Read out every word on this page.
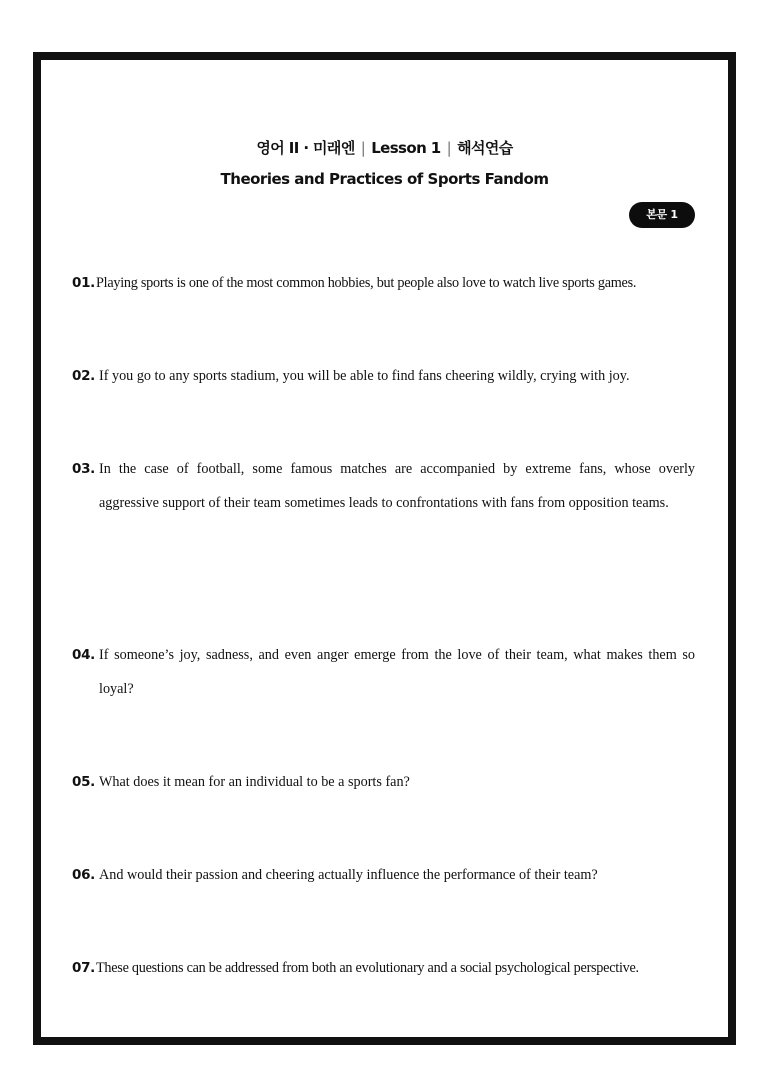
영어 II · 미래엔 | Lesson 1 | 해석연습
Theories and Practices of Sports Fandom
본문 1
01. Playing sports is one of the most common hobbies, but people also love to watch live sports games.
02. If you go to any sports stadium, you will be able to find fans cheering wildly, crying with joy.
03. In the case of football, some famous matches are accompanied by extreme fans, whose overly aggressive support of their team sometimes leads to confrontations with fans from opposition teams.
04. If someone’s joy, sadness, and even anger emerge from the love of their team, what makes them so loyal?
05. What does it mean for an individual to be a sports fan?
06. And would their passion and cheering actually influence the performance of their team?
07. These questions can be addressed from both an evolutionary and a social psychological perspective.
